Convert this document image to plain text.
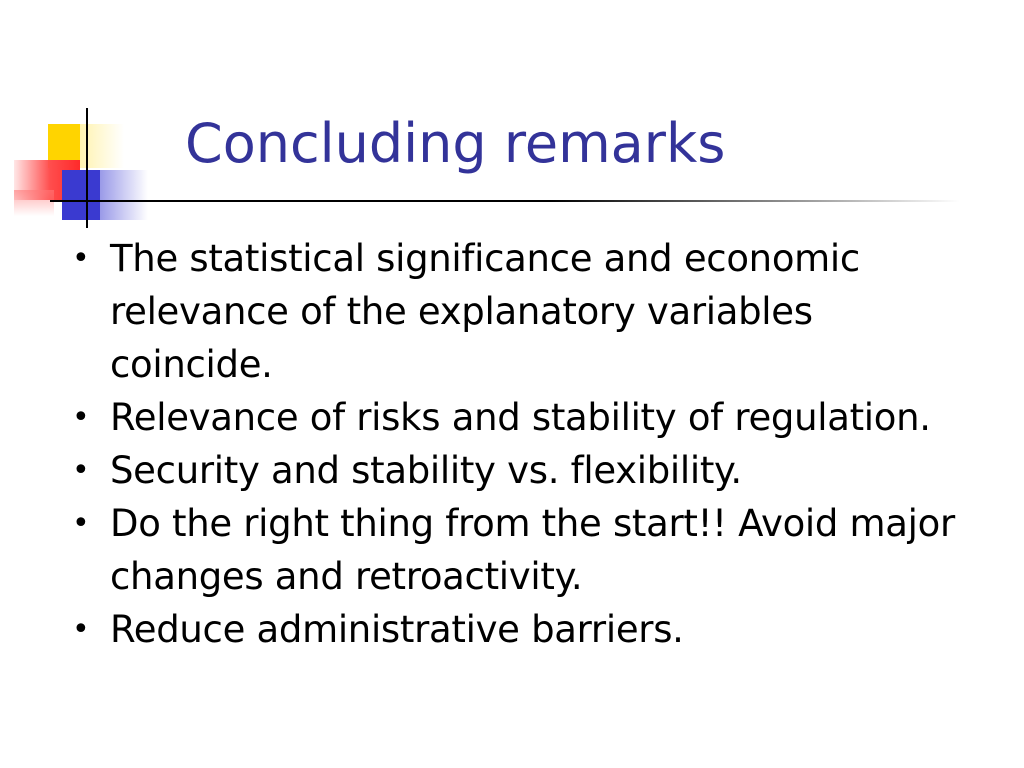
Concluding remarks
• The statistical significance and economic relevance of the explanatory variables coincide.
• Relevance of risks and stability of regulation.
• Security and stability vs. flexibility.
• Do the right thing from the start!! Avoid major changes and retroactivity.
• Reduce administrative barriers.
